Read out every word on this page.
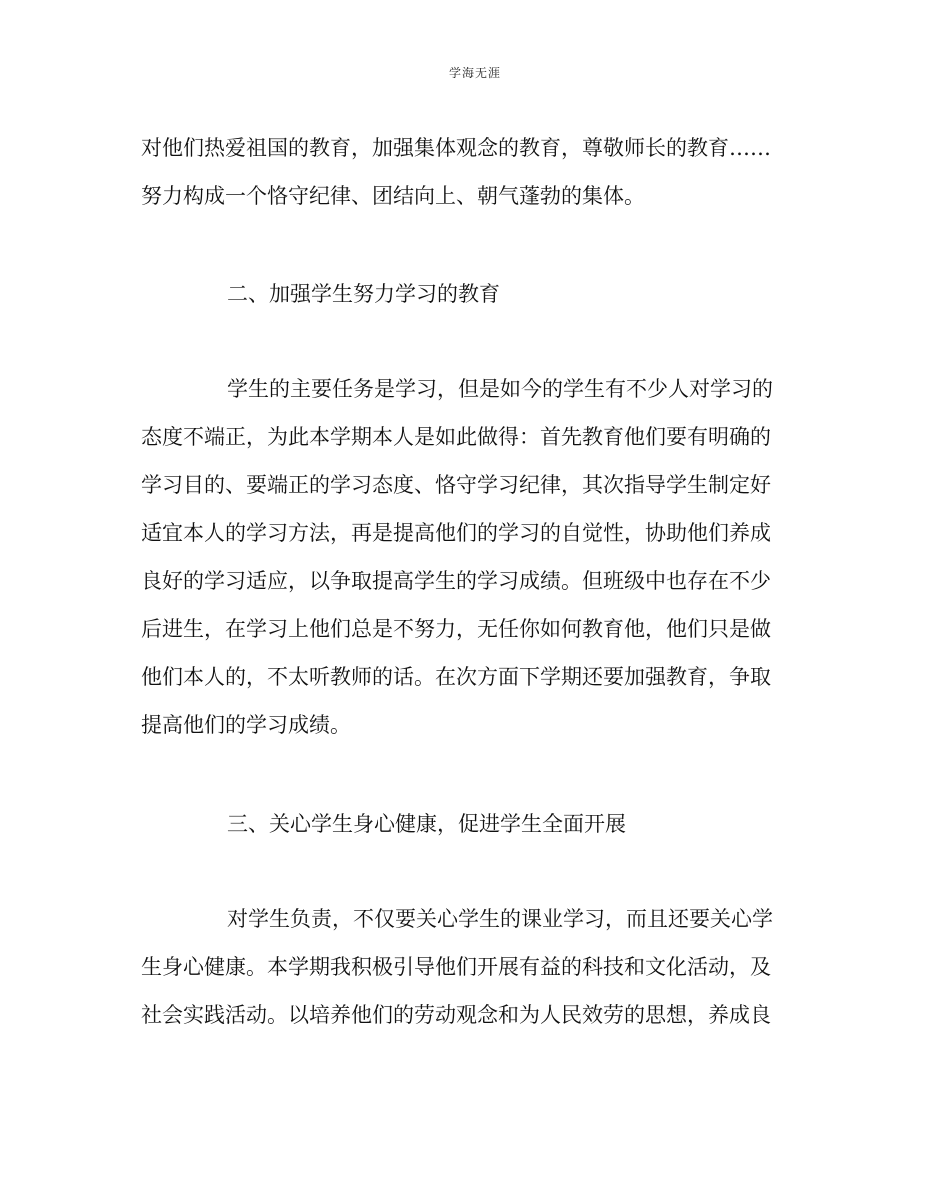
学海无涯
对他们热爱祖国的教育，加强集体观念的教育，尊敬师长的教育……
努力构成一个恪守纪律、团结向上、朝气蓬勃的集体。
二、加强学生努力学习的教育
学生的主要任务是学习，但是如今的学生有不少人对学习的
态度不端正，为此本学期本人是如此做得：首先教育他们要有明确的
学习目的、要端正的学习态度、恪守学习纪律，其次指导学生制定好
适宜本人的学习方法，再是提高他们的学习的自觉性，协助他们养成
良好的学习适应，以争取提高学生的学习成绩。但班级中也存在不少
后进生，在学习上他们总是不努力，无任你如何教育他，他们只是做
他们本人的，不太听教师的话。在次方面下学期还要加强教育，争取
提高他们的学习成绩。
三、关心学生身心健康，促进学生全面开展
对学生负责，不仅要关心学生的课业学习，而且还要关心学
生身心健康。本学期我积极引导他们开展有益的科技和文化活动，及
社会实践活动。以培养他们的劳动观念和为人民效劳的思想，养成良
